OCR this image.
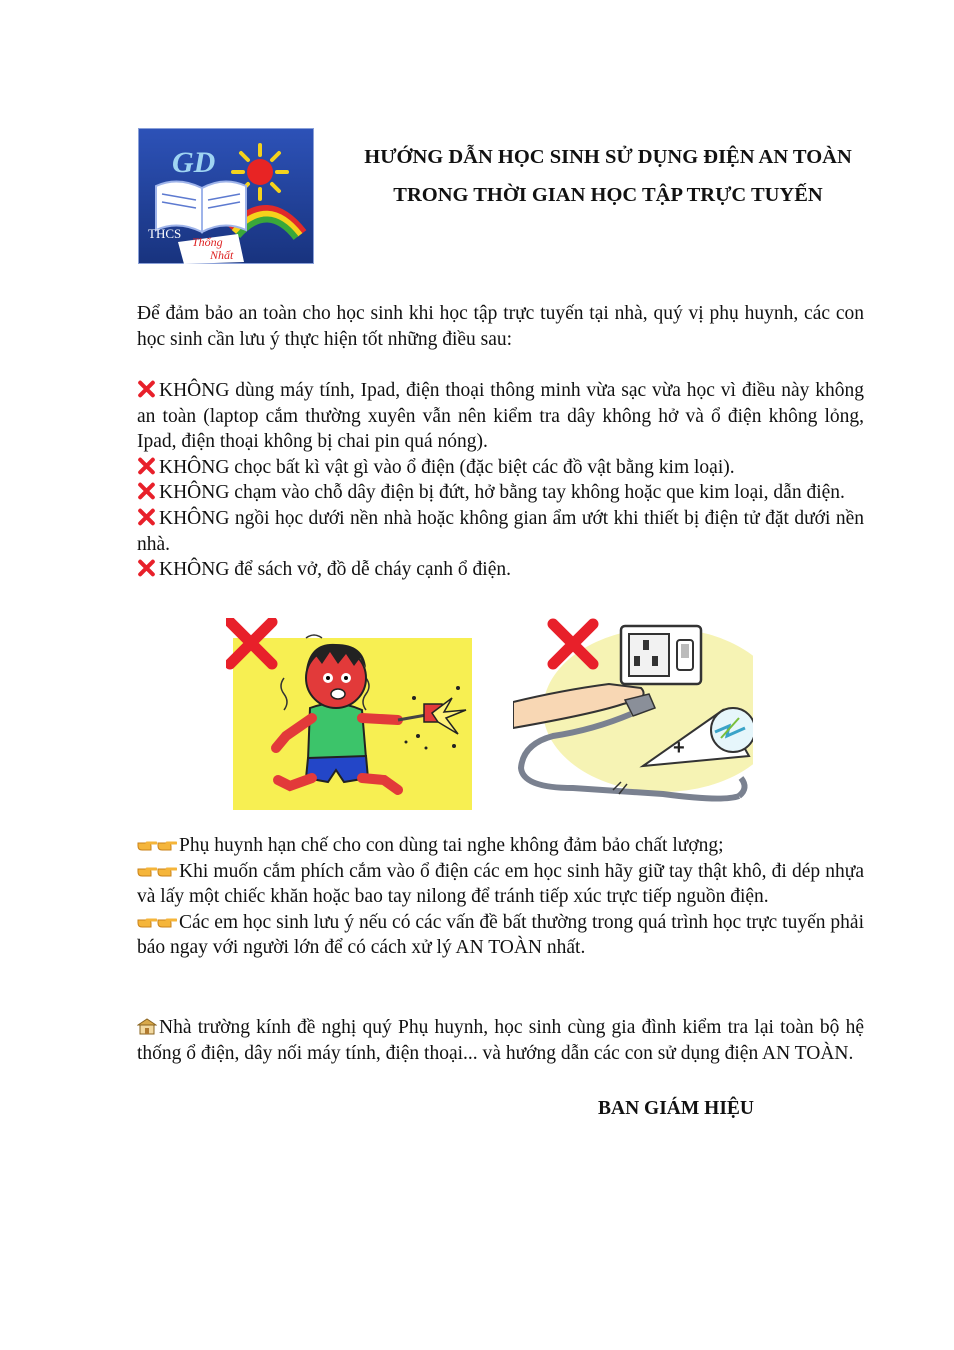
GD
THCS
Thống
Nhất
HƯỚNG DẪN HỌC SINH SỬ DỤNG ĐIỆN AN TOÀN
TRONG THỜI GIAN HỌC TẬP TRỰC TUYẾN
Để đảm bảo an toàn cho học sinh khi học tập trực tuyến tại nhà, quý vị phụ huynh, các con học sinh cần lưu ý thực hiện tốt những điều sau:

KHÔNG dùng máy tính, Ipad, điện thoại thông minh vừa sạc vừa học vì điều này không an toàn (laptop cắm thường xuyên vẫn nên kiểm tra dây không hở và ổ điện không lỏng, Ipad, điện thoại không bị chai pin quá nóng).

KHÔNG chọc bất kì vật gì vào ổ điện (đặc biệt các đồ vật bằng kim loại).

KHÔNG chạm vào chỗ dây điện bị đứt, hở bằng tay không hoặc que kim loại, dẫn điện.

KHÔNG ngồi học dưới nền nhà hoặc không gian ẩm ướt khi thiết bị điện tử đặt dưới nền nhà.

KHÔNG để sách vở, đồ dễ cháy cạnh ổ điện.

+

Phụ huynh hạn chế cho con dùng tai nghe không đảm bảo chất lượng;

Khi muốn cắm phích cắm vào ổ điện các em học sinh hãy giữ tay thật khô, đi dép nhựa và lấy một chiếc khăn hoặc bao tay nilong để tránh tiếp xúc trực tiếp nguồn điện.

Các em học sinh lưu ý nếu có các vấn đề bất thường trong quá trình học trực tuyến phải báo ngay với người lớn để có cách xử lý AN TOÀN nhất.

Nhà trường kính đề nghị quý Phụ huynh, học sinh cùng gia đình kiểm tra lại toàn bộ hệ thống ổ điện, dây nối máy tính, điện thoại... và hướng dẫn các con sử dụng điện AN TOÀN.
BAN GIÁM HIỆU
